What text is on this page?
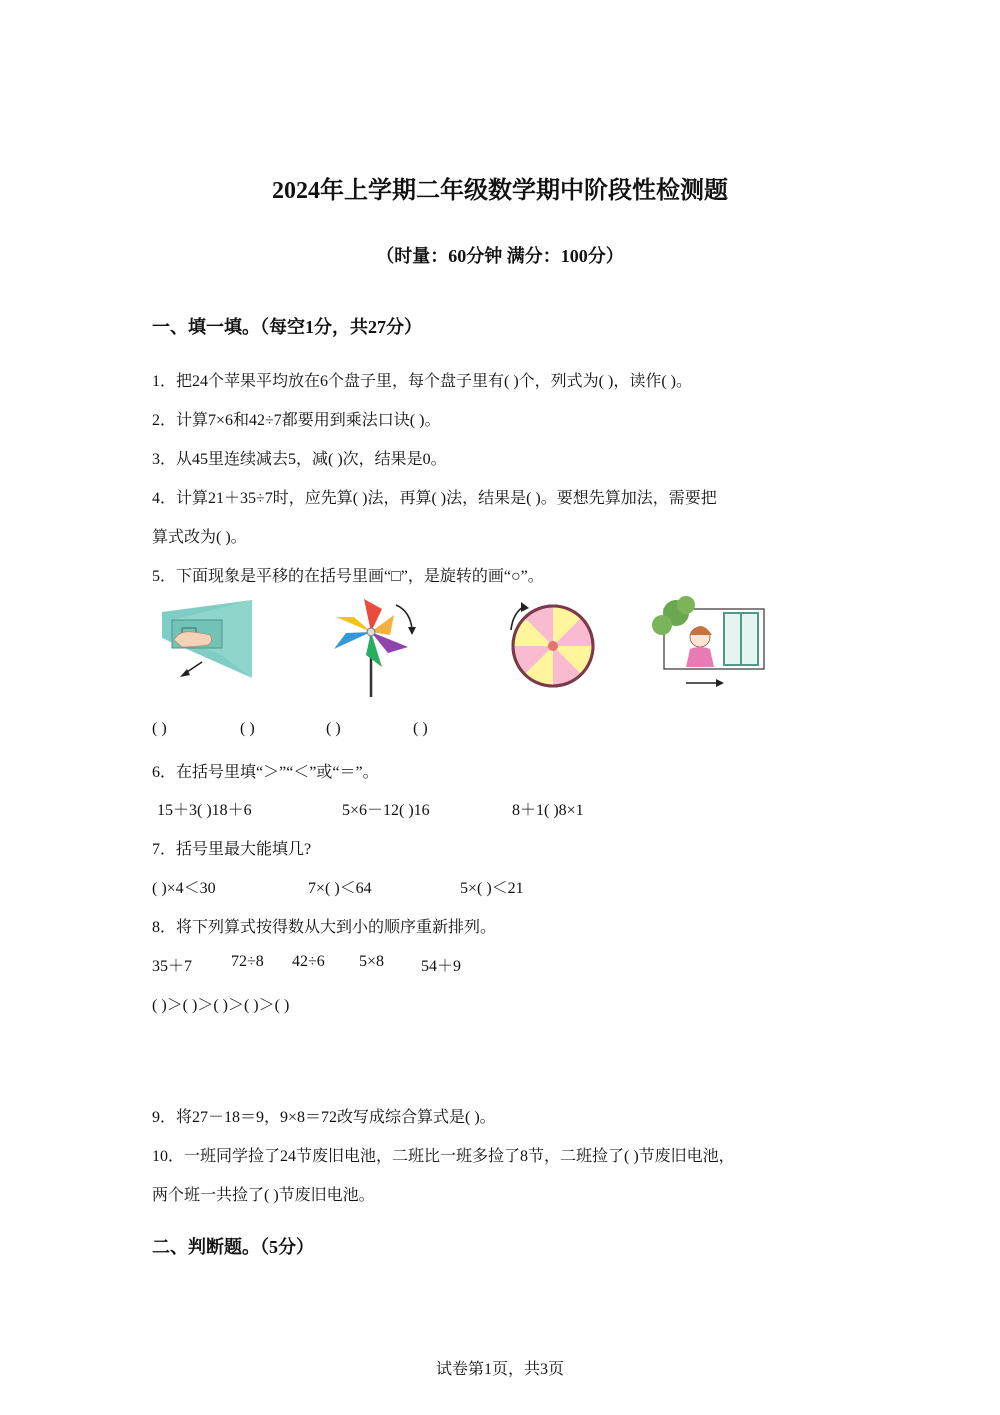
2024年上学期二年级数学期中阶段性检测题
（时量：60分钟 满分：100分）
一、填一填。（每空1分，共27分）
1．把24个苹果平均放在6个盘子里，每个盘子里有( )个，列式为( )，读作( )。
2．计算7×6和42÷7都要用到乘法口诀( )。
3．从45里连续减去5，减( )次，结果是0。
4．计算21＋35÷7时，应先算( )法，再算( )法，结果是( )。要想先算加法，需要把
算式改为( )。
5．下面现象是平移的在括号里画“□”，是旋转的画“○”。
( )	( )	( )	( )
6．在括号里填“＞”“＜”或“＝”。
15＋3( )18＋6	5×6－12( )16	8＋1( )8×1
7．括号里最大能填几?
( )×4＜30	7×( )＜64	5×( )＜21
8．将下列算式按得数从大到小的顺序重新排列。
35＋7 72÷8 42÷6 5×8 54＋9
( )＞( )＞( )＞( )＞( )
9．将27－18＝9，9×8＝72改写成综合算式是( )。
10．一班同学捡了24节废旧电池，二班比一班多捡了8节，二班捡了( )节废旧电池，
两个班一共捡了( )节废旧电池。
二、判断题。（5分）
试卷第1页，共3页
